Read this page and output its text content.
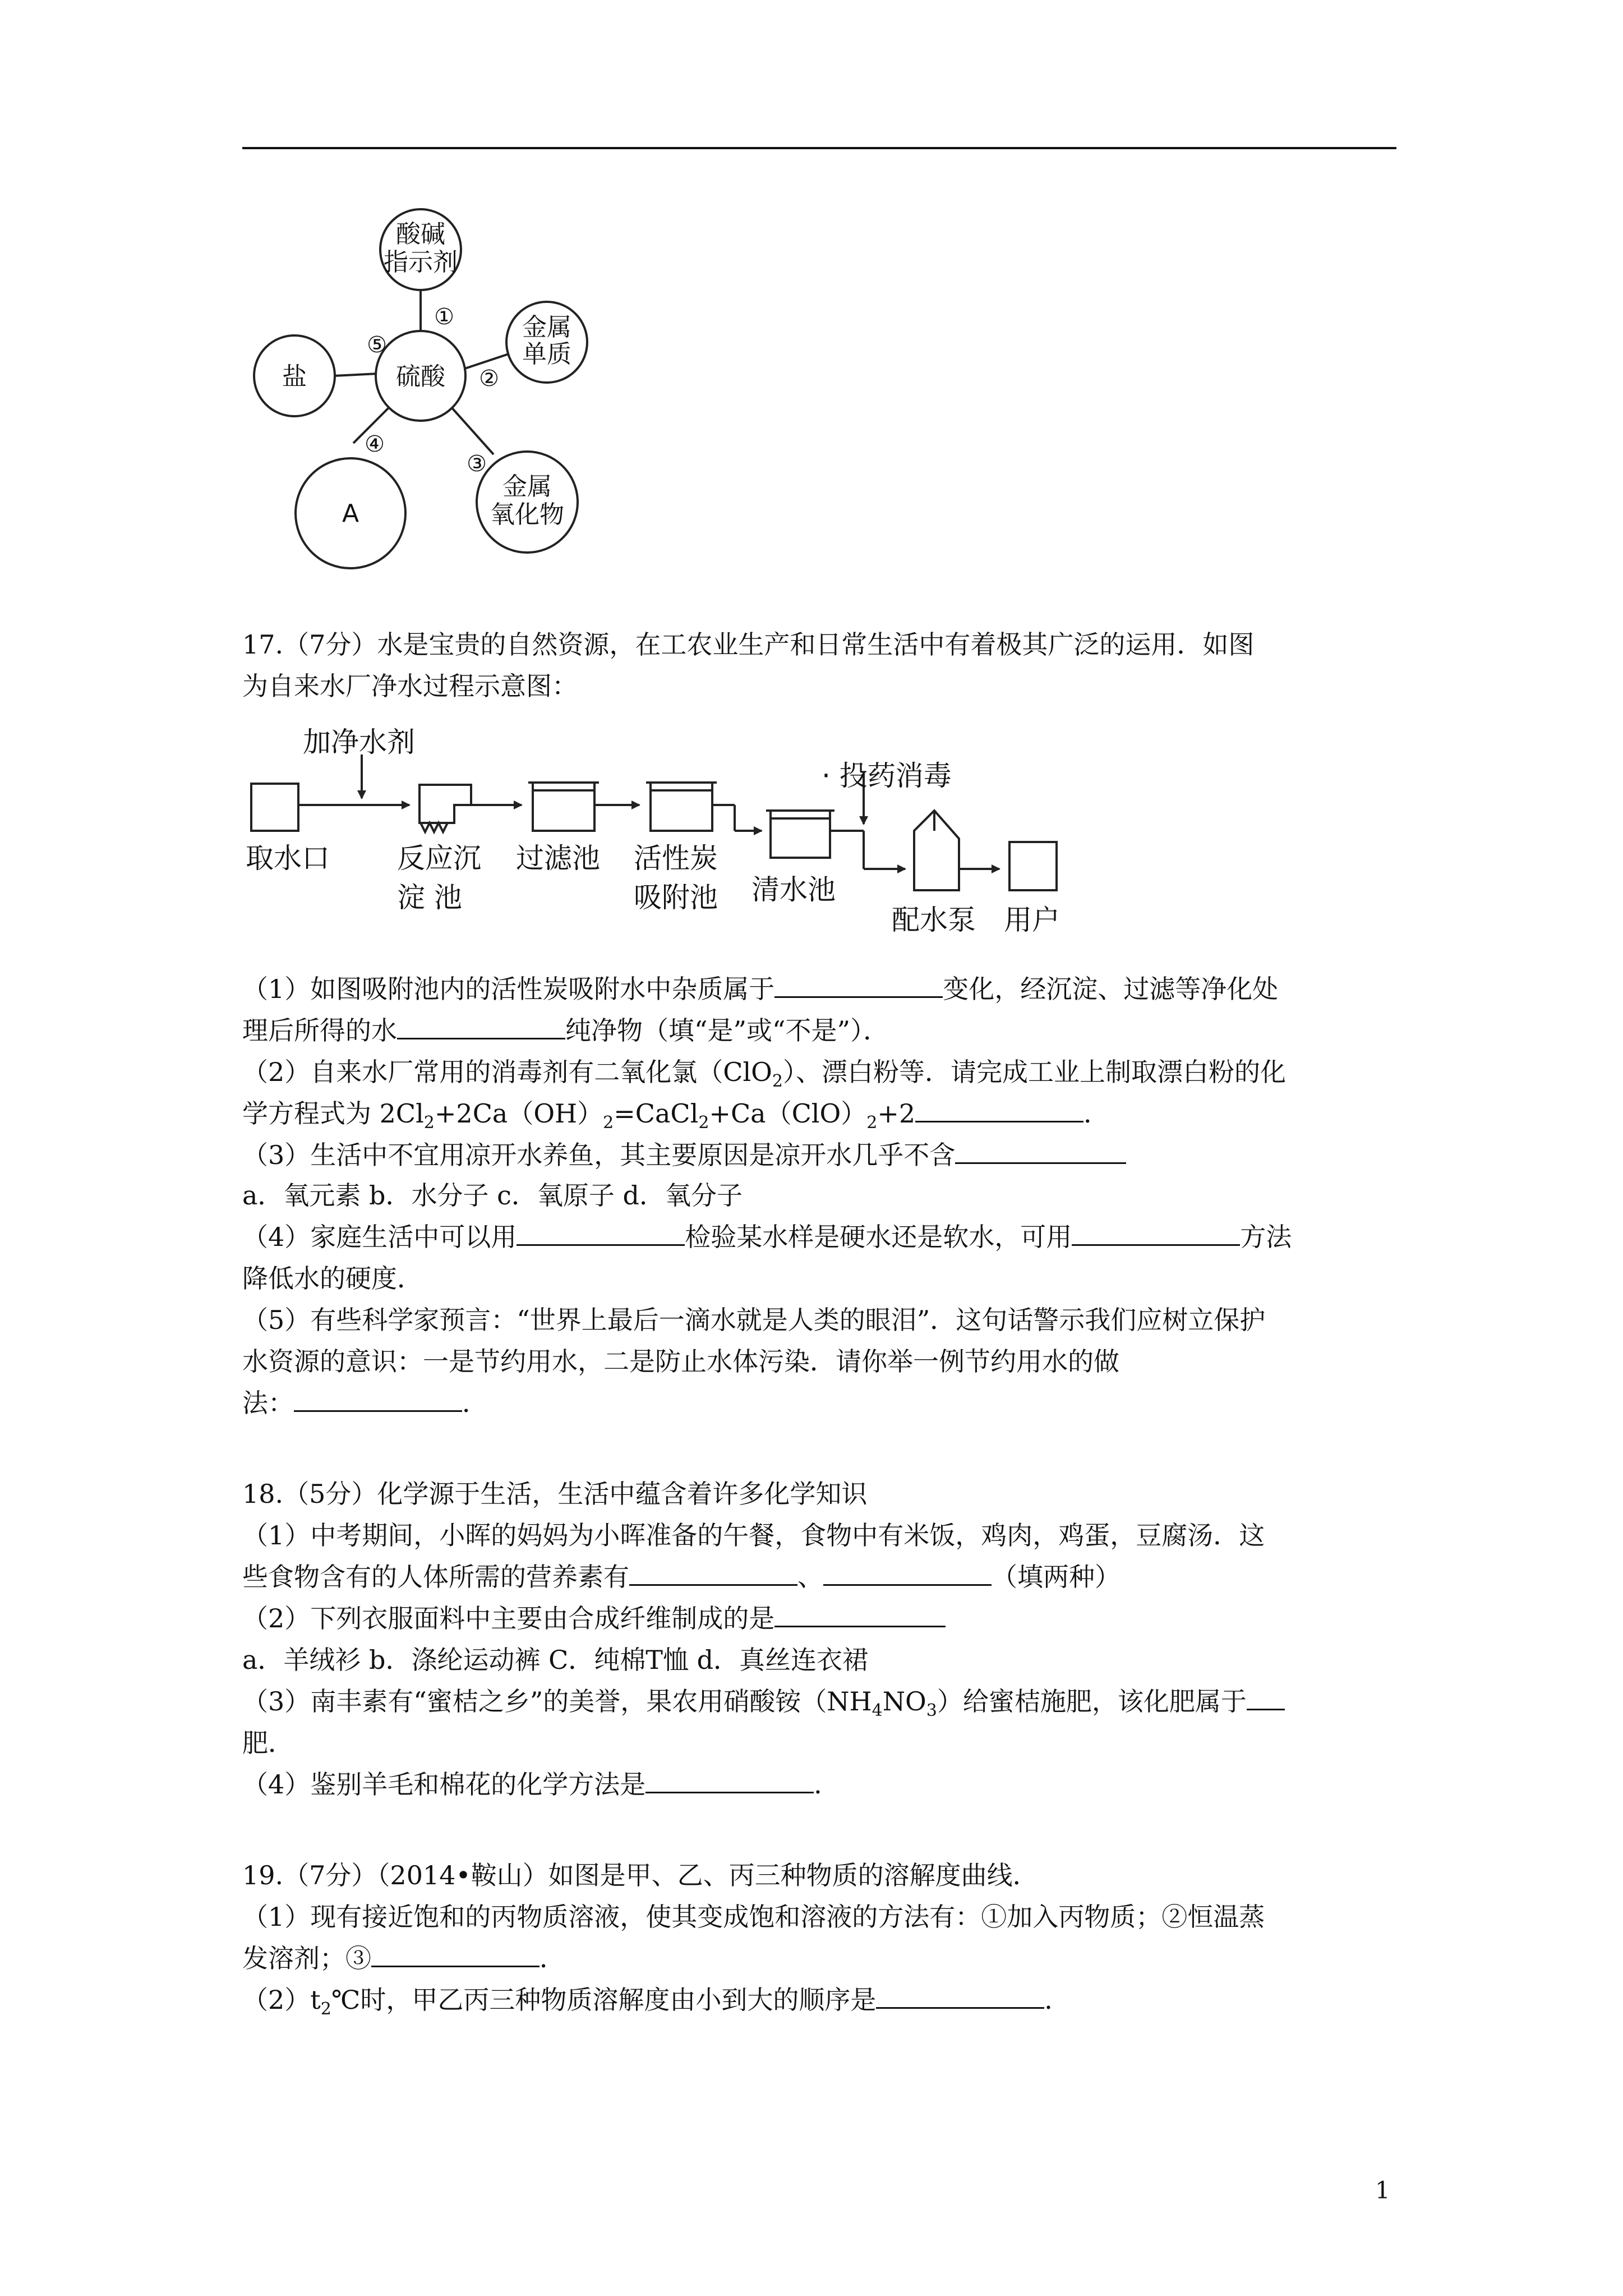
酸碱
指示剂
硫酸
金属
单质
盐
A
金属
氧化物
①
②
③
④
⑤
17.（7分）水是宝贵的自然资源，在工农业生产和日常生活中有着极其广泛的运用．如图
为自来水厂净水过程示意图：
加净水剂
· 投药消毒
取水口 反应沉
淀 池
过滤池 活性炭
吸附池 清水池
配水泵 用户
（1）如图吸附池内的活性炭吸附水中杂质属于	变化，经沉淀、过滤等净化处
理后所得的水	纯净物（填“是”或“不是”）．
（2）自来水厂常用的消毒剂有二氧化氯（ClO$_2$）、漂白粉等．请完成工业上制取漂白粉的化
学方程式为 $2Cl_2+2Ca(OH)_2=CaCl_2+Ca(ClO)_2+2$	．
（3）生活中不宜用凉开水养鱼，其主要原因是凉开水几乎不含
a．氧元素 b．水分子 c．氧原子 d．氧分子
（4）家庭生活中可以用	检验某水样是硬水还是软水，可用	方法
降低水的硬度．
（5）有些科学家预言：“世界上最后一滴水就是人类的眼泪”．这句话警示我们应树立保护
水资源的意识：一是节约用水，二是防止水体污染．请你举一例节约用水的做
法：	．
18.（5分）化学源于生活，生活中蕴含着许多化学知识
（1）中考期间，小晖的妈妈为小晖准备的午餐，食物中有米饭，鸡肉，鸡蛋，豆腐汤．这
些食物含有的人体所需的营养素有	、	（填两种）
（2）下列衣服面料中主要由合成纤维制成的是
a．羊绒衫 b．涤纶运动裤 C．纯棉T恤 d．真丝连衣裙
（3）南丰素有“蜜桔之乡”的美誉，果农用硝酸铵$(NH_4NO_3)$给蜜桔施肥，该化肥属于
肥．
（4）鉴别羊毛和棉花的化学方法是	．
19.（7分）（2014•鞍山）如图是甲、乙、丙三种物质的溶解度曲线．
（1）现有接近饱和的丙物质溶液，使其变成饱和溶液的方法有：①加入丙物质；②恒温蒸
发溶剂；③	．
$(2)t_2℃$时，甲乙丙三种物质溶解度由小到大的顺序是	．
1
